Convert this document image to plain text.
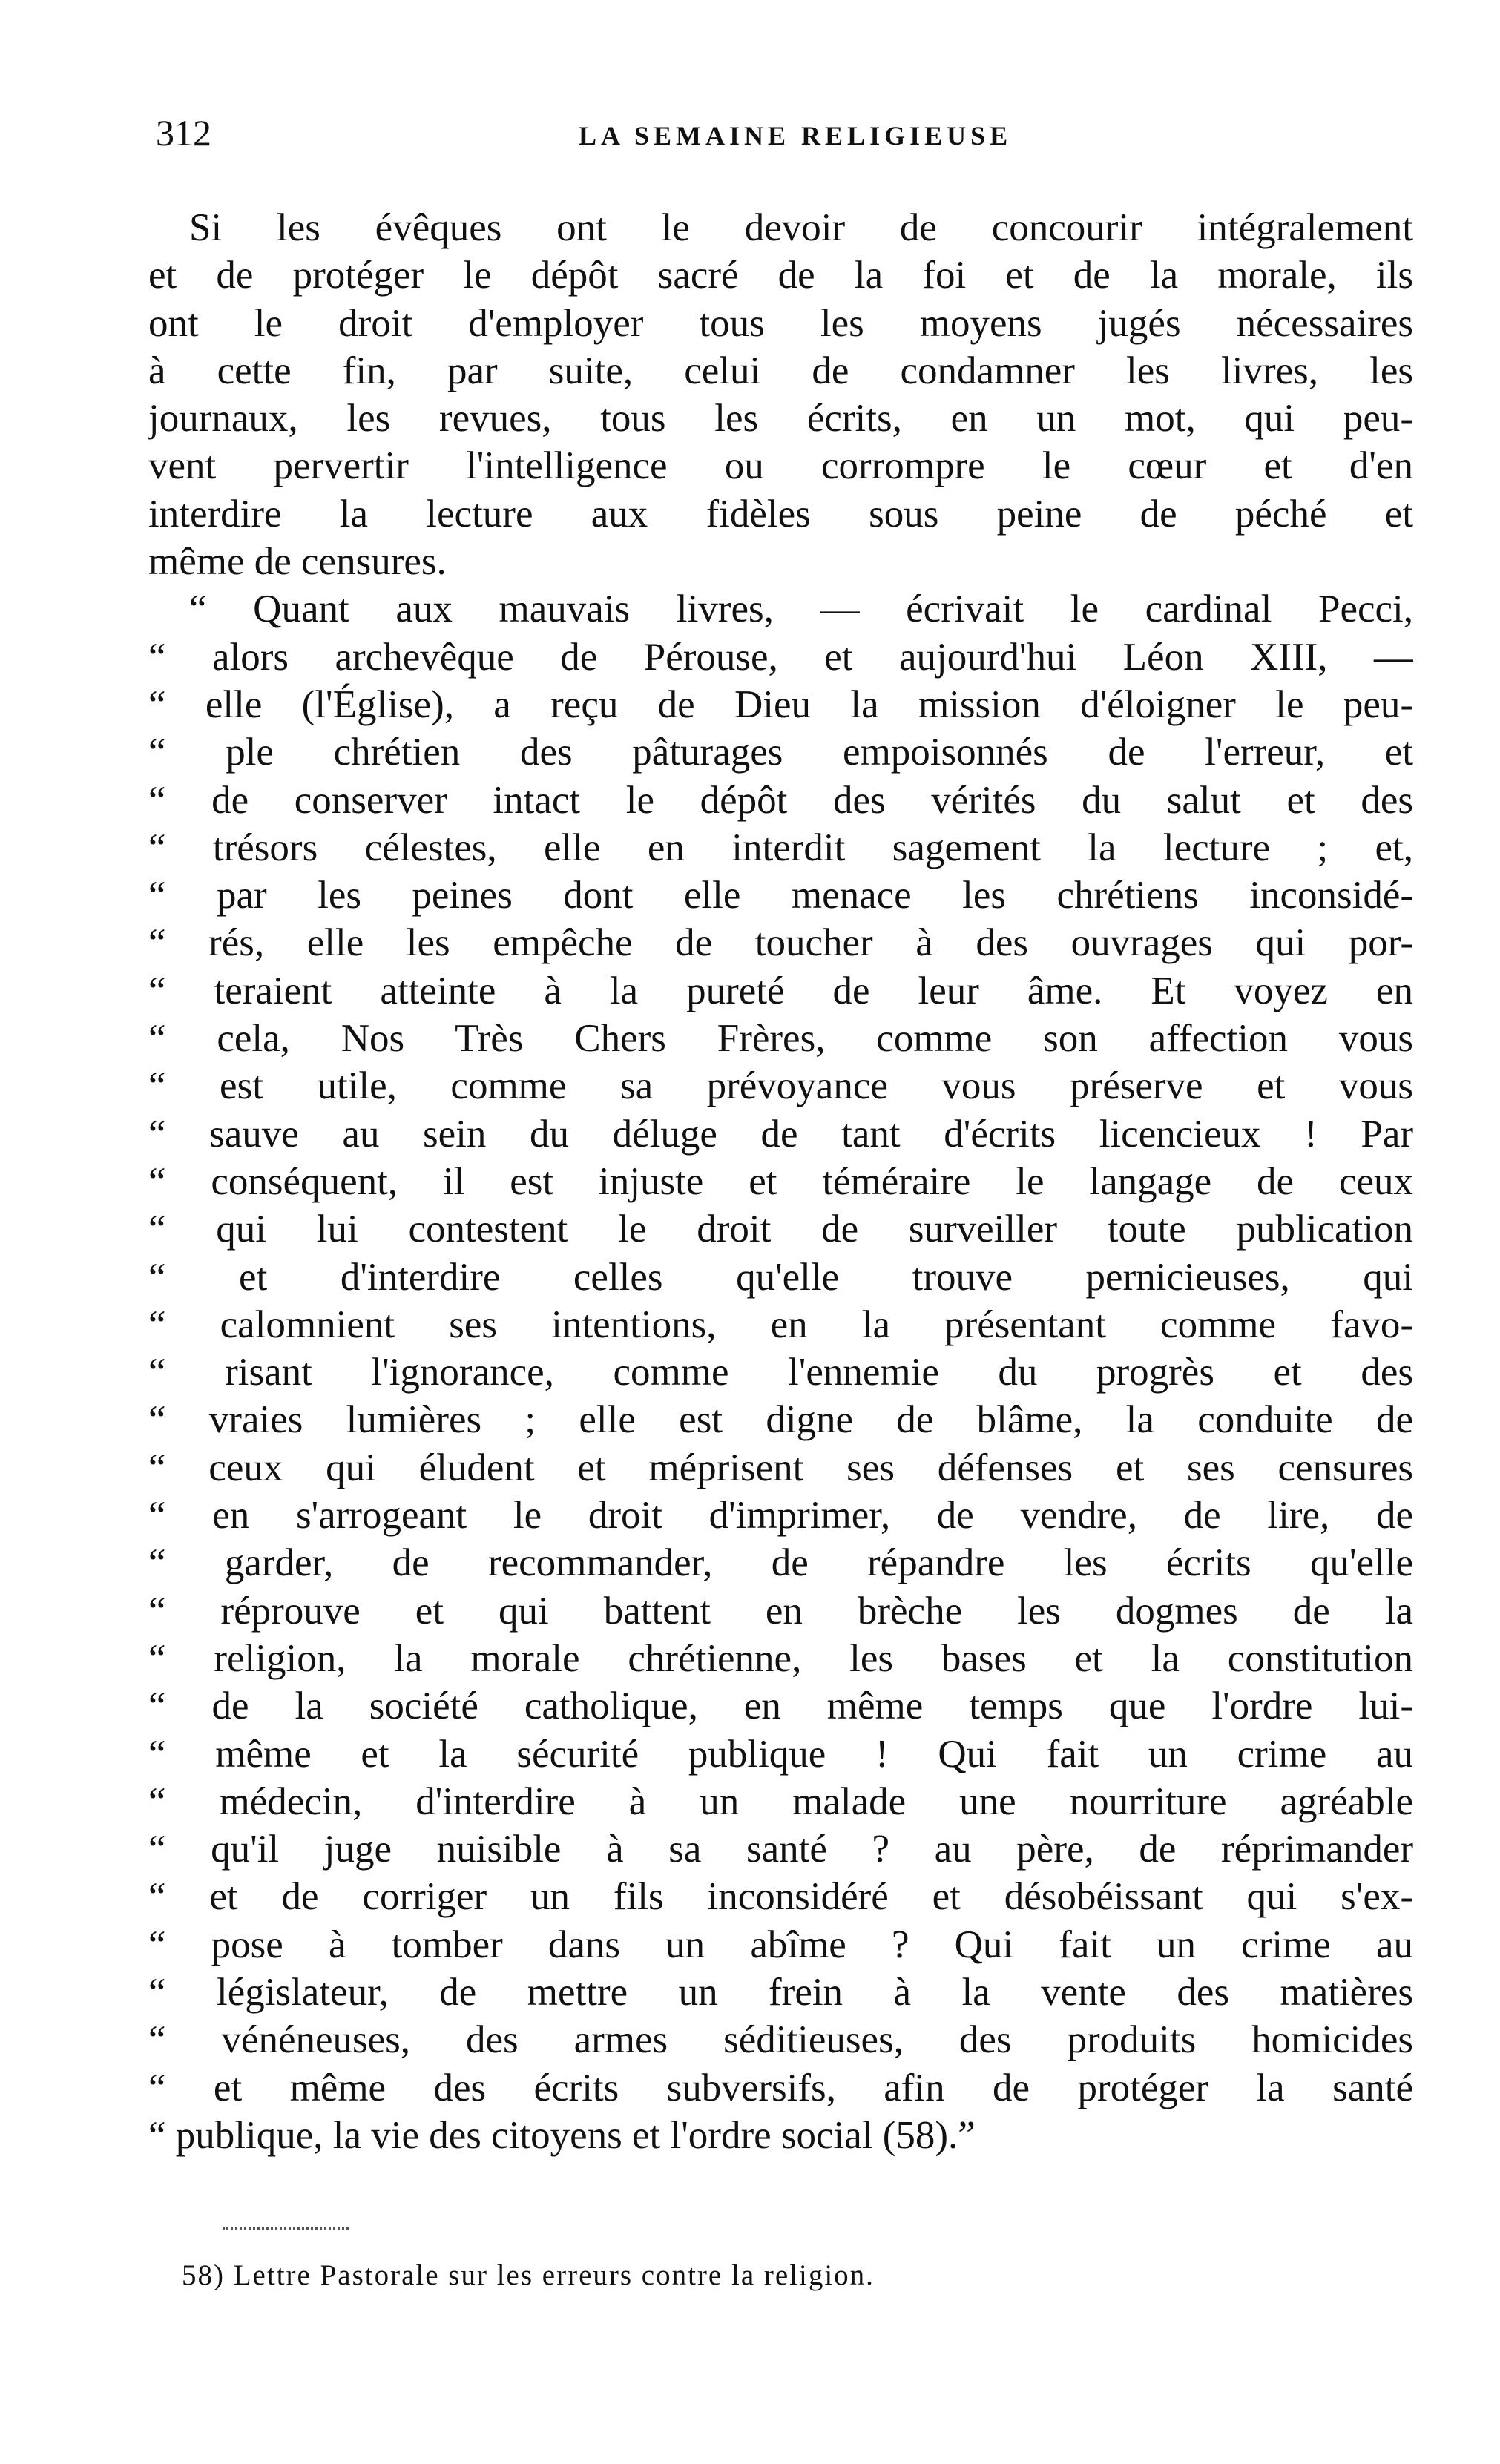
312	LA SEMAINE RELIGIEUSE
Si les évêques ont le devoir de concourir intégralement
et de protéger le dépôt sacré de la foi et de la morale, ils
ont le droit d'employer tous les moyens jugés nécessaires
à cette fin, par suite, celui de condamner les livres, les
journaux, les revues, tous les écrits, en un mot, qui peu-
vent pervertir l'intelligence ou corrompre le cœur et d'en
interdire la lecture aux fidèles sous peine de péché et
même de censures.
“ Quant aux mauvais livres, — écrivait le cardinal Pecci,
“ alors archevêque de Pérouse, et aujourd'hui Léon XIII, —
“ elle (l'Église), a reçu de Dieu la mission d'éloigner le peu-
“ ple chrétien des pâturages empoisonnés de l'erreur, et
“ de conserver intact le dépôt des vérités du salut et des
“ trésors célestes, elle en interdit sagement la lecture ; et,
“ par les peines dont elle menace les chrétiens inconsidé-
“ rés, elle les empêche de toucher à des ouvrages qui por-
“ teraient atteinte à la pureté de leur âme. Et voyez en
“ cela, Nos Très Chers Frères, comme son affection vous
“ est utile, comme sa prévoyance vous préserve et vous
“ sauve au sein du déluge de tant d'écrits licencieux ! Par
“ conséquent, il est injuste et téméraire le langage de ceux
“ qui lui contestent le droit de surveiller toute publication
“ et d'interdire celles qu'elle trouve pernicieuses, qui
“ calomnient ses intentions, en la présentant comme favo-
“ risant l'ignorance, comme l'ennemie du progrès et des
“ vraies lumières ; elle est digne de blâme, la conduite de
“ ceux qui éludent et méprisent ses défenses et ses censures
“ en s'arrogeant le droit d'imprimer, de vendre, de lire, de
“ garder, de recommander, de répandre les écrits qu'elle
“ réprouve et qui battent en brèche les dogmes de la
“ religion, la morale chrétienne, les bases et la constitution
“ de la société catholique, en même temps que l'ordre lui-
“ même et la sécurité publique ! Qui fait un crime au
“ médecin, d'interdire à un malade une nourriture agréable
“ qu'il juge nuisible à sa santé ? au père, de réprimander
“ et de corriger un fils inconsidéré et désobéissant qui s'ex-
“ pose à tomber dans un abîme ? Qui fait un crime au
“ législateur, de mettre un frein à la vente des matières
“ vénéneuses, des armes séditieuses, des produits homicides
“ et même des écrits subversifs, afin de protéger la santé
“ publique, la vie des citoyens et l'ordre social (58).”
58) Lettre Pastorale sur les erreurs contre la religion.
